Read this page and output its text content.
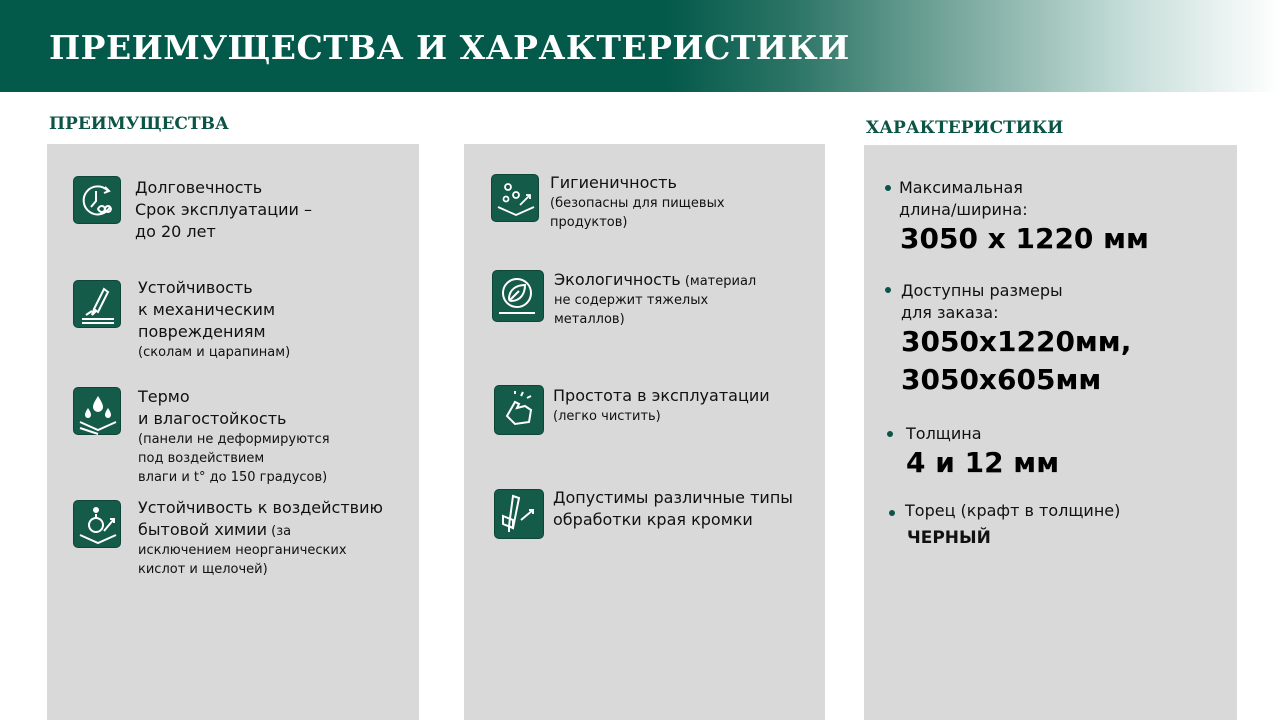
ПРЕИМУЩЕСТВА И ХАРАКТЕРИСТИКИ
ПРЕИМУЩЕСТВА	ХАРАКТЕРИСТИКИ
Долговечность
Срок эксплуатации –
до 20 лет
Устойчивость
к механическим
повреждениям
(сколам и царапинам)
Термо
и влагостойкость
(панели не деформируются
под воздействием
влаги и t° до 150 градусов)
Устойчивость к воздействию
бытовой химии (за
исключением неорганических
кислот и щелочей)
Гигиеничность
(безопасны для пищевых
продуктов)
Экологичность (материал
не содержит тяжелых
металлов)
Простота в эксплуатации
(легко чистить)
Допустимы различные типы
обработки края кромки
Максимальная
длина/ширина:
3050 х 1220 мм
Доступны размеры
для заказа:
3050х1220мм,
3050х605мм
Толщина
4 и 12 мм
Торец (крафт в толщине)
ЧЕРНЫЙ
